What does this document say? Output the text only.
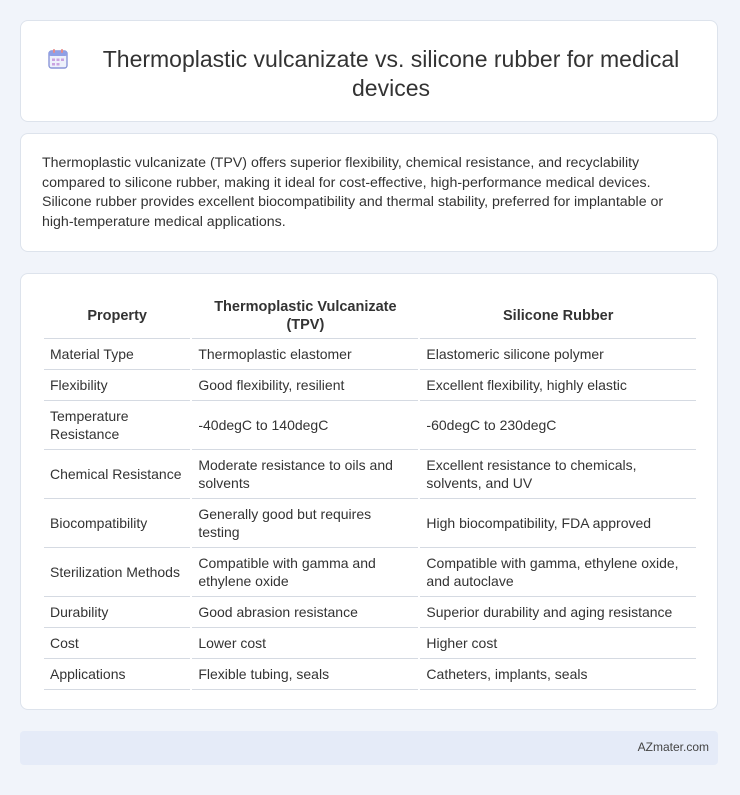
Thermoplastic vulcanizate vs. silicone rubber for medical devices
Thermoplastic vulcanizate (TPV) offers superior flexibility, chemical resistance, and recyclability compared to silicone rubber, making it ideal for cost-effective, high-performance medical devices. Silicone rubber provides excellent biocompatibility and thermal stability, preferred for implantable or high-temperature medical applications.
Property	Thermoplastic Vulcanizate (TPV)	Silicone Rubber
Material Type	Thermoplastic elastomer	Elastomeric silicone polymer
Flexibility	Good flexibility, resilient	Excellent flexibility, highly elastic
Temperature Resistance	-40degC to 140degC	-60degC to 230degC
Chemical Resistance	Moderate resistance to oils and solvents	Excellent resistance to chemicals, solvents, and UV
Biocompatibility	Generally good but requires testing	High biocompatibility, FDA approved
Sterilization Methods	Compatible with gamma and ethylene oxide	Compatible with gamma, ethylene oxide, and autoclave
Durability	Good abrasion resistance	Superior durability and aging resistance
Cost	Lower cost	Higher cost
Applications	Flexible tubing, seals	Catheters, implants, seals
AZmater.com
